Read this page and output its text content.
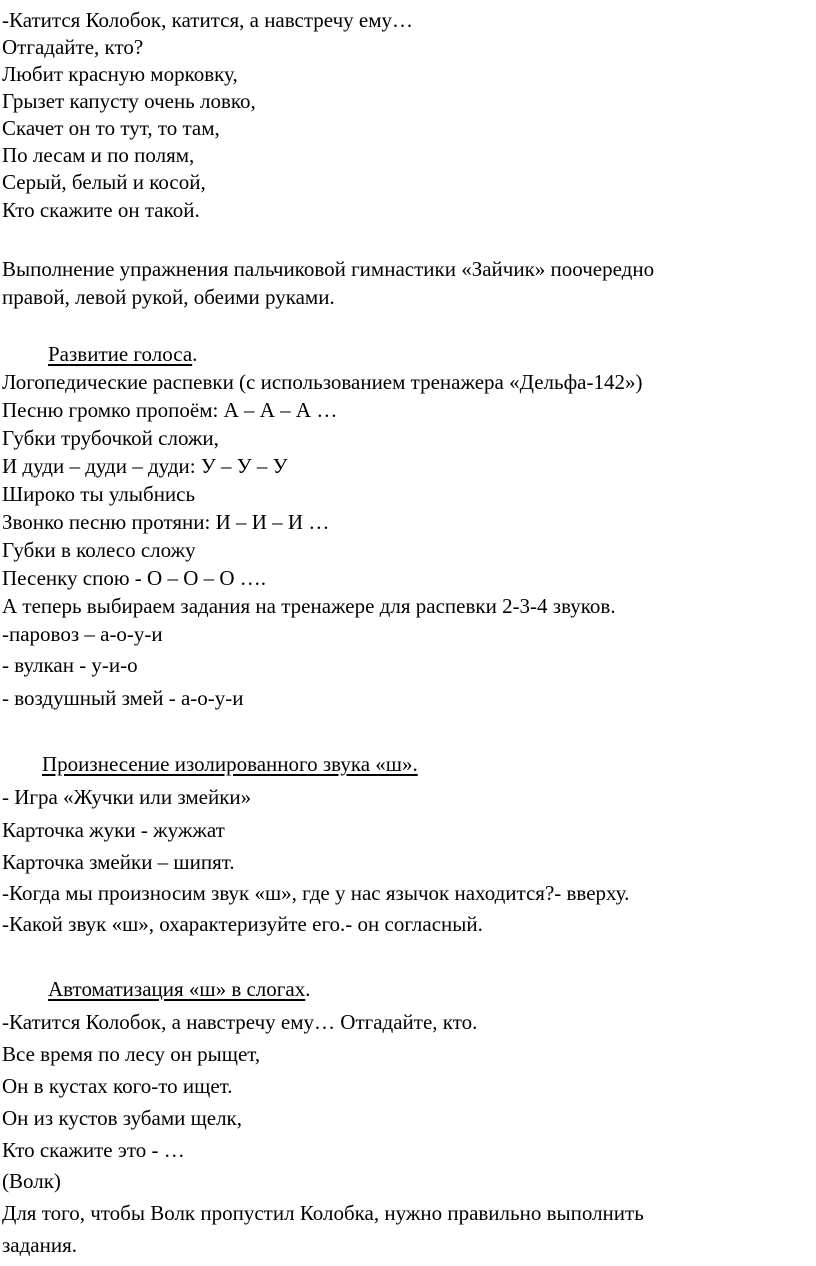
-Катится Колобок, катится, а навстречу ему…
Отгадайте, кто?
Любит красную морковку,
Грызет капусту очень ловко,
Скачет он то тут, то там,
По лесам и по полям,
Серый, белый и косой,
Кто скажите он такой.
Выполнение упражнения пальчиковой гимнастики «Зайчик» поочередно
правой, левой рукой, обеими руками.
Развитие голоса.
Логопедические распевки (с использованием тренажера «Дельфа-142»)
Песню громко пропоём: А – А – А …
Губки трубочкой сложи,
И дуди – дуди – дуди: У – У – У
Широко ты улыбнись
Звонко песню протяни: И – И – И …
Губки в колесо сложу
Песенку спою - О – О – О ….
А теперь выбираем задания на тренажере для распевки 2-3-4 звуков.
-паровоз – а-о-у-и
- вулкан - у-и-о
- воздушный змей - а-о-у-и
Произнесение изолированного звука «ш».
- Игра «Жучки или змейки»
Карточка жуки - жужжат
Карточка змейки – шипят.
-Когда мы произносим звук «ш», где у нас язычок находится?- вверху.
-Какой звук «ш», охарактеризуйте его.- он согласный.
Автоматизация «ш» в слогах.
-Катится Колобок, а навстречу ему… Отгадайте, кто.
Все время по лесу он рыщет,
Он в кустах кого-то ищет.
Он из кустов зубами щелк,
Кто скажите это - …
(Волк)
Для того, чтобы Волк пропустил Колобка, нужно правильно выполнить
задания.
